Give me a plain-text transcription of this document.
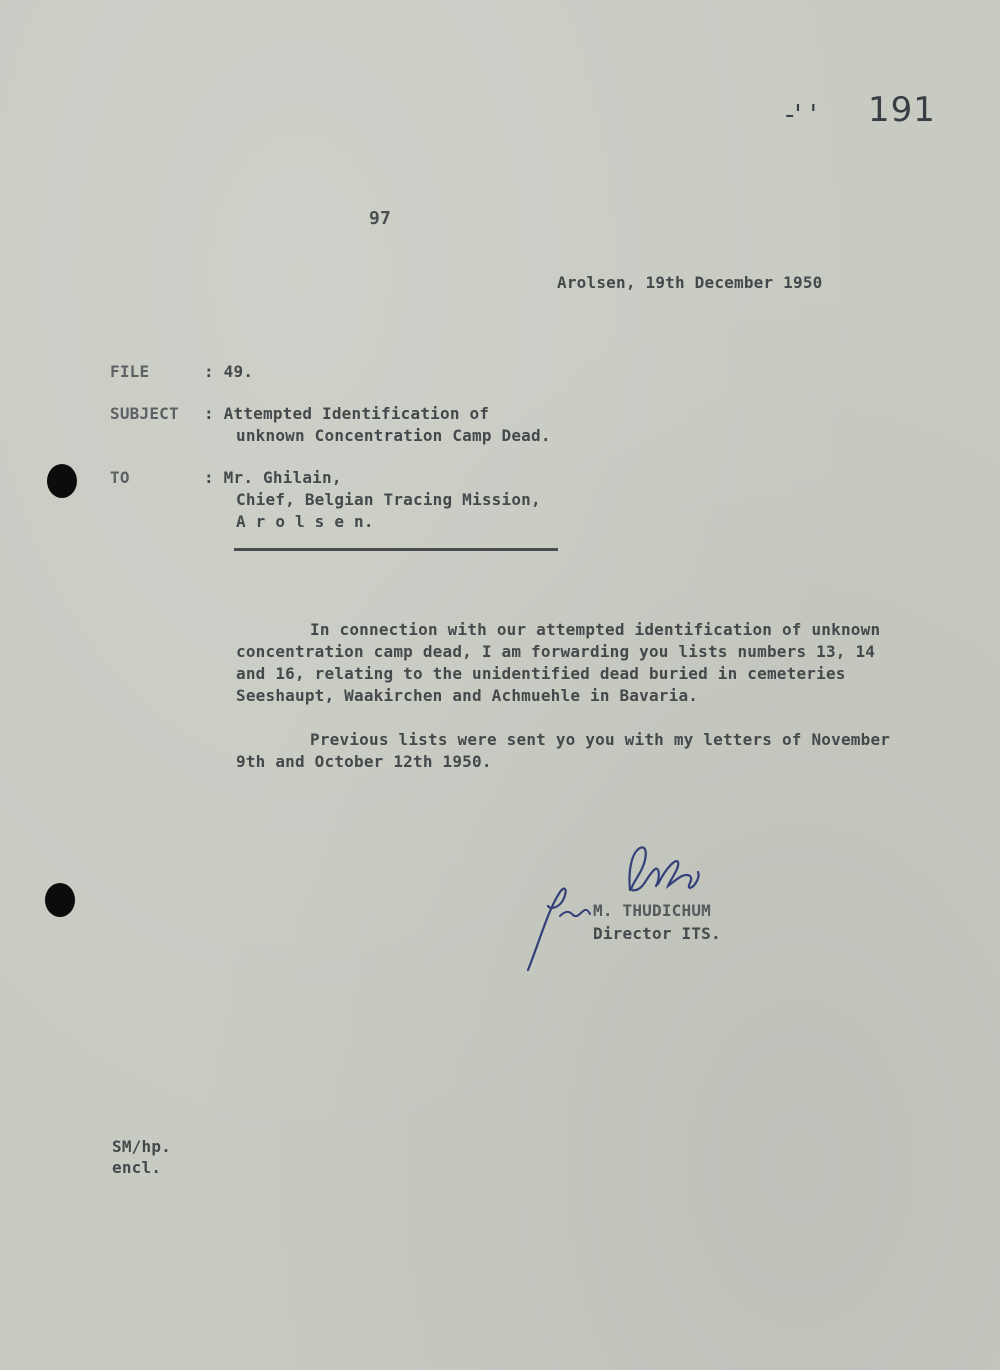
-' ' 191
97
Arolsen, 19th December 1950
FILE	: 49.
SUBJECT : Attempted Identification of
unknown Concentration Camp Dead.
TO	: Mr. Ghilain,
Chief, Belgian Tracing Mission,
A r o l s e n.
In connection with our attempted identification of unknown
concentration camp dead, I am forwarding you lists numbers 13, 14
and 16, relating to the unidentified dead buried in cemeteries
Seeshaupt, Waakirchen and Achmuehle in Bavaria.
Previous lists were sent yo you with my letters of November
9th and October 12th 1950.
M. THUDICHUM
Director ITS.
SM/hp.
encl.
